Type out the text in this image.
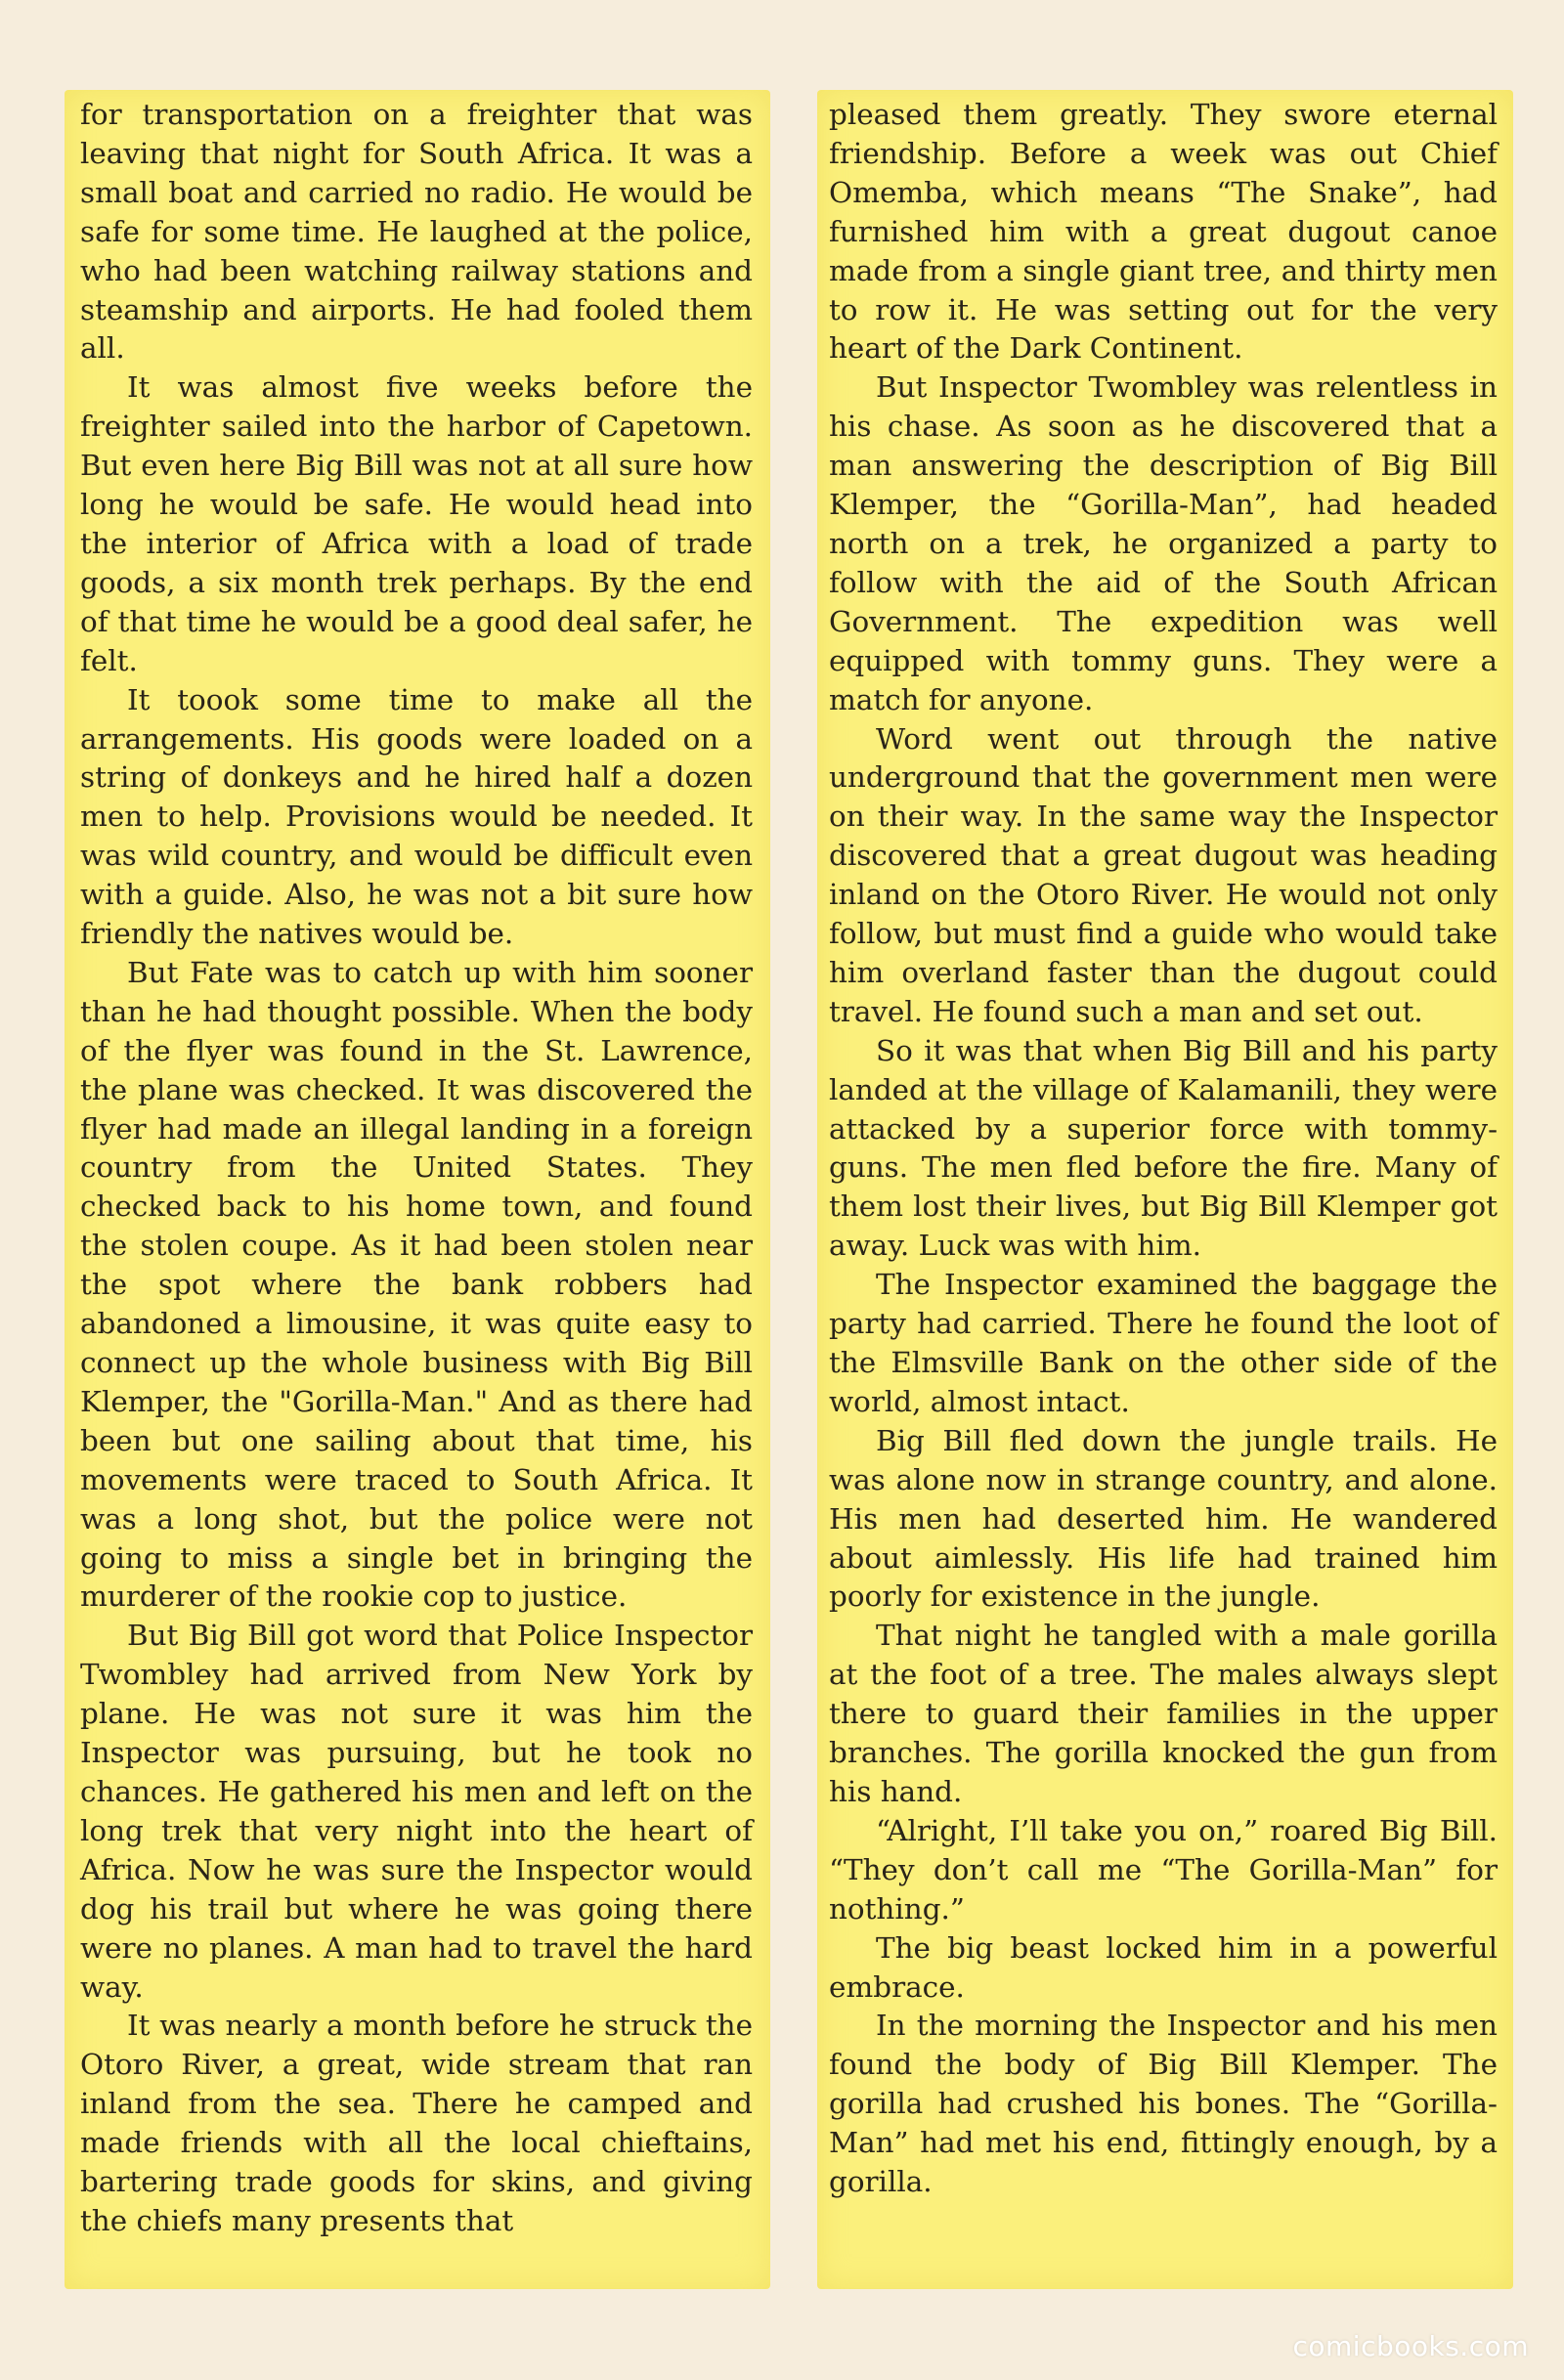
for transportation on a freighter that was leaving that night for South Africa. It was a small boat and carried no radio. He would be safe for some time. He laughed at the police, who had been watching railway stations and steamship and airports. He had fooled them all.

It was almost five weeks before the freighter sailed into the harbor of Capetown. But even here Big Bill was not at all sure how long he would be safe. He would head into the interior of Africa with a load of trade goods, a six month trek perhaps. By the end of that time he would be a good deal safer, he felt.

It toook some time to make all the arrangements. His goods were loaded on a string of donkeys and he hired half a dozen men to help. Provisions would be needed. It was wild country, and would be difficult even with a guide. Also, he was not a bit sure how friendly the natives would be.

But Fate was to catch up with him sooner than he had thought possible. When the body of the flyer was found in the St. Lawrence, the plane was checked. It was discovered the flyer had made an illegal landing in a foreign country from the United States. They checked back to his home town, and found the stolen coupe. As it had been stolen near the spot where the bank robbers had abandoned a limousine, it was quite easy to connect up the whole business with Big Bill Klemper, the "Gorilla-Man." And as there had been but one sailing about that time, his movements were traced to South Africa. It was a long shot, but the police were not going to miss a single bet in bringing the murderer of the rookie cop to justice.

But Big Bill got word that Police Inspector Twombley had arrived from New York by plane. He was not sure it was him the Inspector was pursuing, but he took no chances. He gathered his men and left on the long trek that very night into the heart of Africa. Now he was sure the Inspector would dog his trail but where he was going there were no planes. A man had to travel the hard way.

It was nearly a month before he struck the Otoro River, a great, wide stream that ran inland from the sea. There he camped and made friends with all the local chieftains, bartering trade goods for skins, and giving the chiefs many presents that

pleased them greatly. They swore eternal friendship. Before a week was out Chief Omemba, which means “The Snake”, had furnished him with a great dugout canoe made from a single giant tree, and thirty men to row it. He was setting out for the very heart of the Dark Continent.

But Inspector Twombley was relentless in his chase. As soon as he discovered that a man answering the description of Big Bill Klemper, the “Gorilla-Man”, had headed north on a trek, he organized a party to follow with the aid of the South African Government. The expedition was well equipped with tommy guns. They were a match for anyone.

Word went out through the native underground that the government men were on their way. In the same way the Inspector discovered that a great dugout was heading inland on the Otoro River. He would not only follow, but must find a guide who would take him overland faster than the dugout could travel. He found such a man and set out.

So it was that when Big Bill and his party landed at the village of Kalamanili, they were attacked by a superior force with tommy-guns. The men fled before the fire. Many of them lost their lives, but Big Bill Klemper got away. Luck was with him.

The Inspector examined the baggage the party had carried. There he found the loot of the Elmsville Bank on the other side of the world, almost intact.

Big Bill fled down the jungle trails. He was alone now in strange country, and alone. His men had deserted him. He wandered about aimlessly. His life had trained him poorly for existence in the jungle.

That night he tangled with a male gorilla at the foot of a tree. The males always slept there to guard their families in the upper branches. The gorilla knocked the gun from his hand.

“Alright, I’ll take you on,” roared Big Bill. “They don’t call me “The Gorilla-Man” for nothing.”

The big beast locked him in a powerful embrace.

In the morning the Inspector and his men found the body of Big Bill Klemper. The gorilla had crushed his bones. The “Gorilla-Man” had met his end, fittingly enough, by a gorilla.

comicbooks.com
